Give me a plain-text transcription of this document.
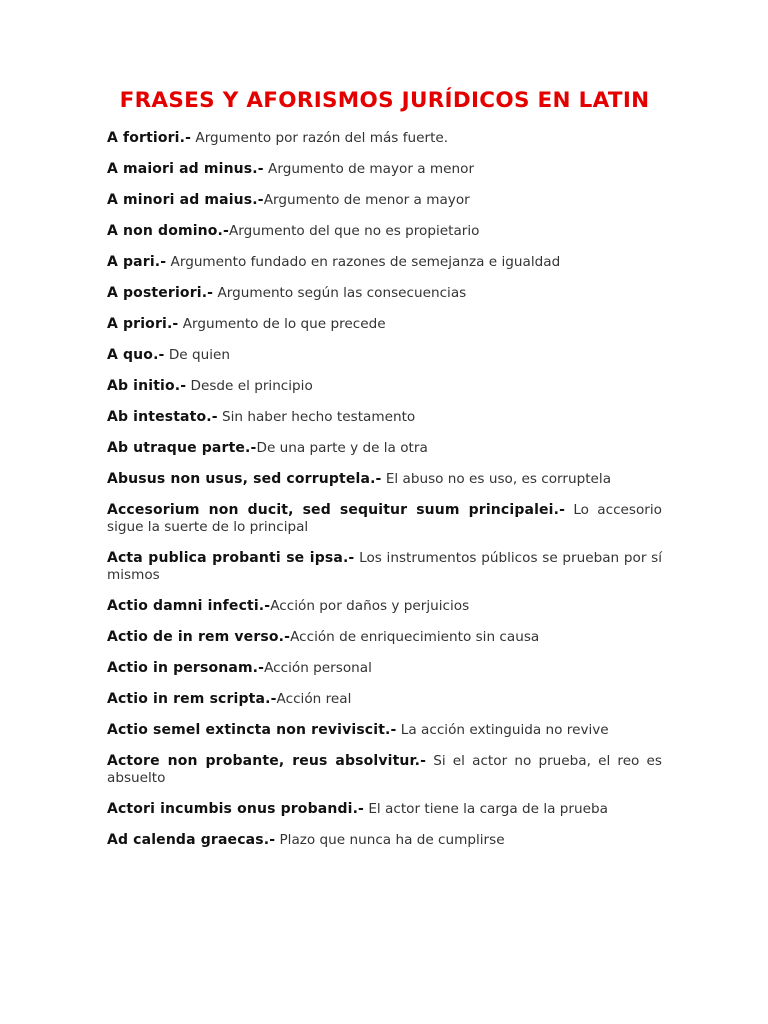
FRASES Y AFORISMOS JURÍDICOS EN LATIN
A fortiori.- Argumento por razón del más fuerte.
A maiori ad minus.- Argumento de mayor a menor
A minori ad maius.-Argumento de menor a mayor
A non domino.-Argumento del que no es propietario
A pari.- Argumento fundado en razones de semejanza e igualdad
A posteriori.- Argumento según las consecuencias
A priori.- Argumento de lo que precede
A quo.- De quien
Ab initio.- Desde el principio
Ab intestato.- Sin haber hecho testamento
Ab utraque parte.-De una parte y de la otra
Abusus non usus, sed corruptela.- El abuso no es uso, es corruptela
Accesorium non ducit, sed sequitur suum principalei.- Lo accesorio sigue la suerte de lo principal
Acta publica probanti se ipsa.- Los instrumentos públicos se prueban por sí mismos
Actio damni infecti.-Acción por daños y perjuicios
Actio de in rem verso.-Acción de enriquecimiento sin causa
Actio in personam.-Acción personal
Actio in rem scripta.-Acción real
Actio semel extincta non reviviscit.- La acción extinguida no revive
Actore non probante, reus absolvitur.- Si el actor no prueba, el reo es absuelto
Actori incumbis onus probandi.- El actor tiene la carga de la prueba
Ad calenda graecas.- Plazo que nunca ha de cumplirse
